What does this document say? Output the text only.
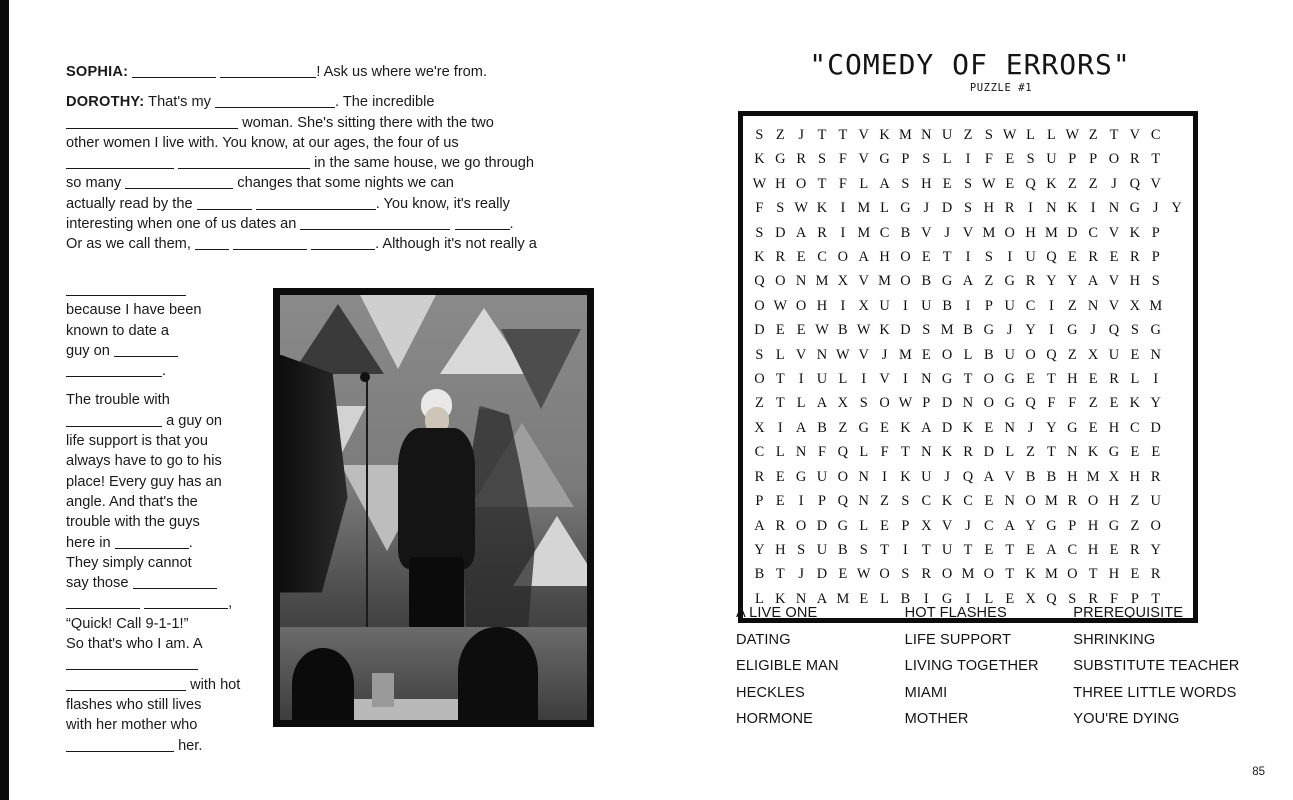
SOPHIA:	! Ask us where we're from.

DOROTHY: That's my	. The incredible
woman. She's sitting there with the two
other women I live with. You know, at our ages, the four of us
in the same house, we go through
so many	changes that some nights we can
actually read by the	. You know, it's really
interesting when one of us dates an	.
Or as we call them,	. Although it's not really a

because I have been
known to date a
guy on
.

The trouble with
a guy on
life support is that you
always have to go to his
place! Every guy has an
angle. And that's the
trouble with the guys
here in	.
They simply cannot
say those
,
“Quick! Call 9-1-1!”
So that's who I am. A

with hot
flashes who still lives
with her mother who
her.

"COMEDY OF ERRORS"
PUZZLE #1
S Z J T T V K M N U Z S W L L W Z T V C
K G R S F V G P S L I	F E S U P P O R T
W H O T F L A S H E S W E Q K Z Z J Q V
F S W K I M L G J D S H R I N K I N G J Y
S D A R I M C B V J V M O H M D C V K P
K R E C O A H O E T I	S	I U Q E R E R P
Q O N M X V M O B G A Z G R Y Y A V H S
O W O H I X U I U B I	P U C I Z N V X M
D E E W B W K D S M B G J Y I G J Q S G
S L V N W V J M E O L B U O Q Z X U E N
O T I U L I V I N G T O G E T H E R L I
Z T L A X S O W P D N O G Q F F Z E K Y
X I A B Z G E K A D K E N J Y G E H C D
C L N F Q L F T N K R D L Z T N K G E E
R E G U O N I K U J Q A V B B H M X H R
P E I	P Q N Z S C K C E N O M R O H Z U
A R O D G L E P X V J C A Y G P H G Z O
Y H S U B S T I T U T E T E A C H E R Y
B T J D E W O S R O M O T K M O T H E R
L K N A M E L B I G I L E X Q S R F P T
A LIVE ONE
DATING
ELIGIBLE MAN
HECKLES
HORMONE
HOT FLASHES
LIFE SUPPORT
LIVING TOGETHER
MIAMI
MOTHER
PREREQUISITE
SHRINKING
SUBSTITUTE TEACHER
THREE LITTLE WORDS
YOU'RE DYING
85
